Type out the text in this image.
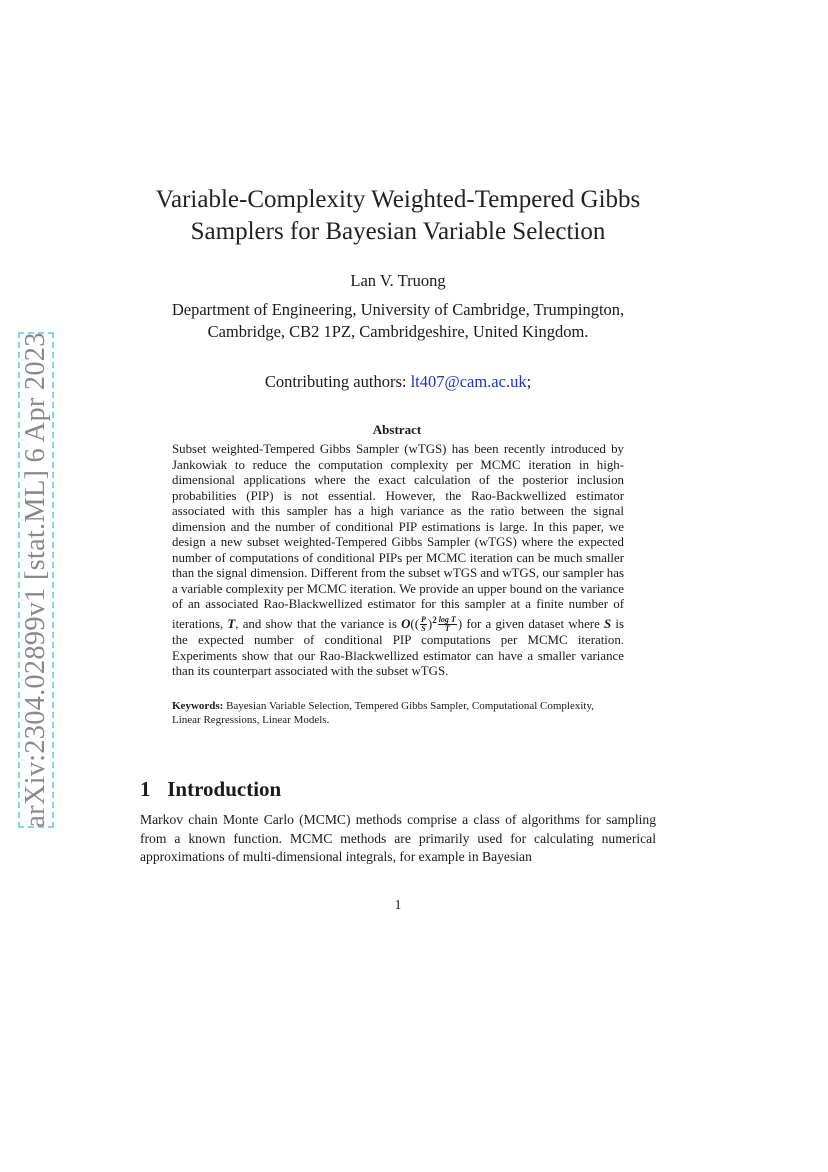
arXiv:2304.02899v1 [stat.ML] 6 Apr 2023
Variable-Complexity Weighted-Tempered Gibbs
Samplers for Bayesian Variable Selection
Lan V. Truong
Department of Engineering, University of Cambridge, Trumpington,
Cambridge, CB2 1PZ, Cambridgeshire, United Kingdom.
Contributing authors: lt407@cam.ac.uk;
Abstract

Subset weighted-Tempered Gibbs Sampler (wTGS) has been recently introduced by Jankowiak to reduce the computation complexity per MCMC iteration in high-dimensional applications where the exact calculation of the posterior inclusion probabilities (PIP) is not essential. However, the Rao-Backwellized estimator associated with this sampler has a high variance as the ratio between the signal dimension and the number of conditional PIP estimations is large. In this paper, we design a new subset weighted-Tempered Gibbs Sampler (wTGS) where the expected number of computations of conditional PIPs per MCMC iteration can be much smaller than the signal dimension. Different from the subset wTGS and wTGS, our sampler has a variable complexity per MCMC iteration. We provide an upper bound on the variance of an associated Rao-Blackwellized estimator for this sampler at a finite number of iterations, T, and show that the variance is $O(( \frac{P}{S} )^2 \frac{\text{log T}}{T}$ ) for a given dataset where S is the expected number of conditional PIP computations per MCMC iteration. Experiments show that our Rao-Blackwellized estimator can have a smaller variance than its counterpart associated with the subset wTGS.

Keywords: Bayesian Variable Selection, Tempered Gibbs Sampler, Computational Complexity, Linear Regressions, Linear Models.
1 Introduction

Markov chain Monte Carlo (MCMC) methods comprise a class of algorithms for sampling from a known function. MCMC methods are primarily used for calculating numerical approximations of multi-dimensional integrals, for example in Bayesian

1
